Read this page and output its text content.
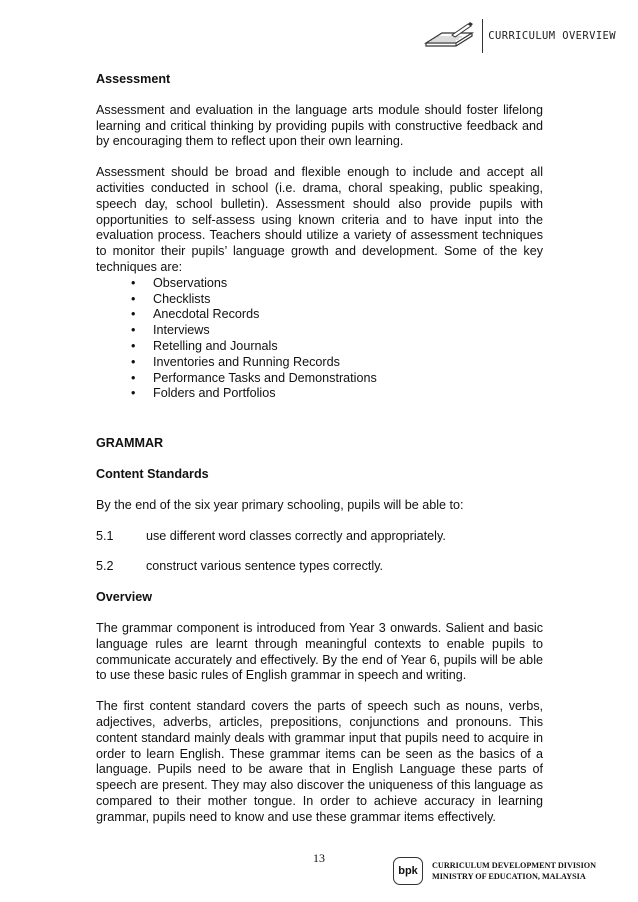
CURRICULUM OVERVIEW
Assessment

Assessment and evaluation in the language arts module should foster lifelong learning and critical thinking by providing pupils with constructive feedback and by encouraging them to reflect upon their own learning.

Assessment should be broad and flexible enough to include and accept all activities conducted in school (i.e. drama, choral speaking, public speaking, speech day, school bulletin). Assessment should also provide pupils with opportunities to self-assess using known criteria and to have input into the evaluation process. Teachers should utilize a variety of assessment techniques to monitor their pupils’ language growth and development. Some of the key techniques are:

• Observations
• Checklists
• Anecdotal Records
• Interviews
• Retelling and Journals
• Inventories and Running Records
• Performance Tasks and Demonstrations
• Folders and Portfolios
GRAMMAR
Content Standards

By the end of the six year primary schooling, pupils will be able to:

5.1	use different word classes correctly and appropriately.
5.2	construct various sentence types correctly.
Overview

The grammar component is introduced from Year 3 onwards. Salient and basic language rules are learnt through meaningful contexts to enable pupils to communicate accurately and effectively. By the end of Year 6, pupils will be able to use these basic rules of English grammar in speech and writing.

The first content standard covers the parts of speech such as nouns, verbs, adjectives, adverbs, articles, prepositions, conjunctions and pronouns. This content standard mainly deals with grammar input that pupils need to acquire in order to learn English. These grammar items can be seen as the basics of a language. Pupils need to be aware that in English Language these parts of speech are present. They may also discover the uniqueness of this language as compared to their mother tongue. In order to achieve accuracy in learning grammar, pupils need to know and use these grammar items effectively.

13
bpk	CURRICULUM DEVELOPMENT DIVISION
MINISTRY OF EDUCATION, MALAYSIA
